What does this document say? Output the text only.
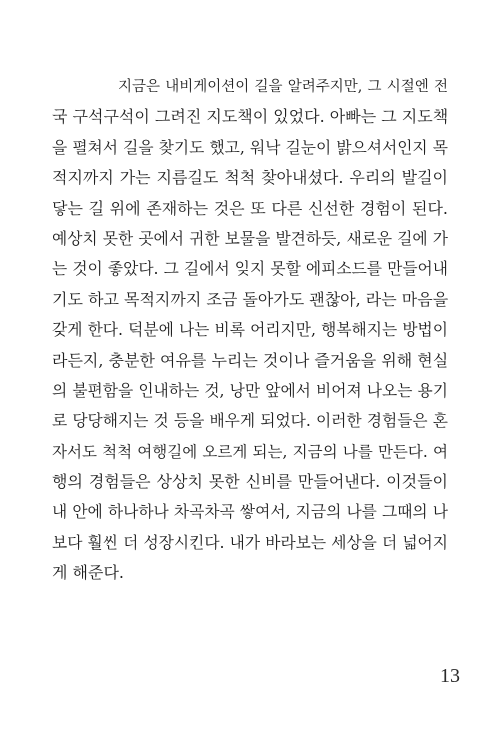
지금은 내비게이션이 길을 알려주지만, 그 시절엔 전
국 구석구석이 그려진 지도책이 있었다. 아빠는 그 지도책
을 펼쳐서 길을 찾기도 했고, 워낙 길눈이 밝으셔서인지 목
적지까지 가는 지름길도 척척 찾아내셨다. 우리의 발길이
닿는 길 위에 존재하는 것은 또 다른 신선한 경험이 된다.
예상치 못한 곳에서 귀한 보물을 발견하듯, 새로운 길에 가
는 것이 좋았다. 그 길에서 잊지 못할 에피소드를 만들어내
기도 하고 목적지까지 조금 돌아가도 괜찮아, 라는 마음을
갖게 한다. 덕분에 나는 비록 어리지만, 행복해지는 방법이
라든지, 충분한 여유를 누리는 것이나 즐거움을 위해 현실
의 불편함을 인내하는 것, 낭만 앞에서 비어져 나오는 용기
로 당당해지는 것 등을 배우게 되었다. 이러한 경험들은 혼
자서도 척척 여행길에 오르게 되는, 지금의 나를 만든다. 여
행의 경험들은 상상치 못한 신비를 만들어낸다. 이것들이
내 안에 하나하나 차곡차곡 쌓여서, 지금의 나를 그때의 나
보다 훨씬 더 성장시킨다. 내가 바라보는 세상을 더 넓어지
게 해준다.
13
